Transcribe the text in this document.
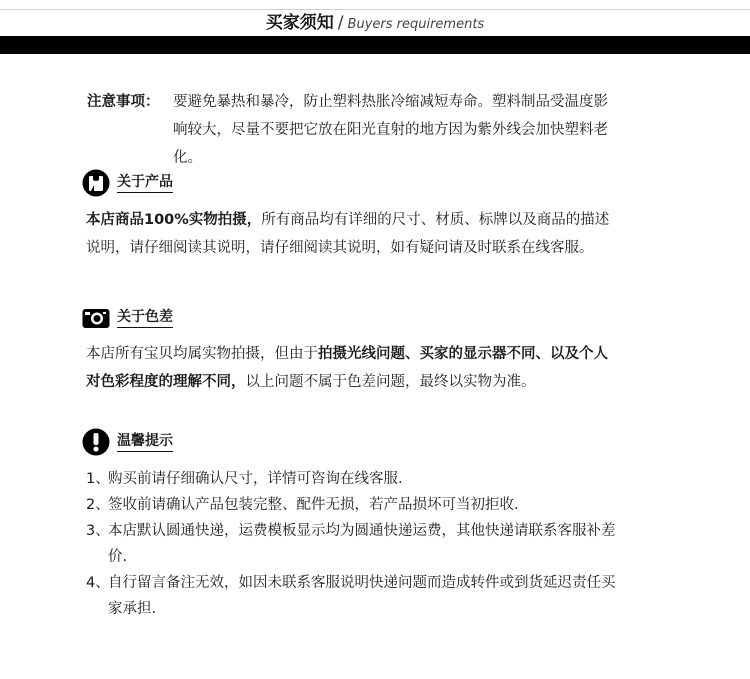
买家须知 / Buyers requirements
注意事项： 要避免暴热和暴冷，防止塑料热胀冷缩减短寿命。塑料制品受温度影响较大，尽量不要把它放在阳光直射的地方因为紫外线会加快塑料老化。
关于产品
本店商品100%实物拍摄，所有商品均有详细的尺寸、材质、标牌以及商品的描述说明，请仔细阅读其说明，请仔细阅读其说明，如有疑问请及时联系在线客服。
关于色差
本店所有宝贝均属实物拍摄，但由于拍摄光线问题、买家的显示器不同、以及个人对色彩程度的理解不同，以上问题不属于色差问题，最终以实物为准。
温馨提示
1、
购买前请仔细确认尺寸，详情可咨询在线客服.
2、
签收前请确认产品包装完整、配件无损，若产品损坏可当初拒收.
3、
本店默认圆通快递，运费模板显示均为圆通快递运费，其他快递请联系客服补差价.
4、
自行留言备注无效，如因未联系客服说明快递问题而造成转件或到货延迟责任买家承担.
